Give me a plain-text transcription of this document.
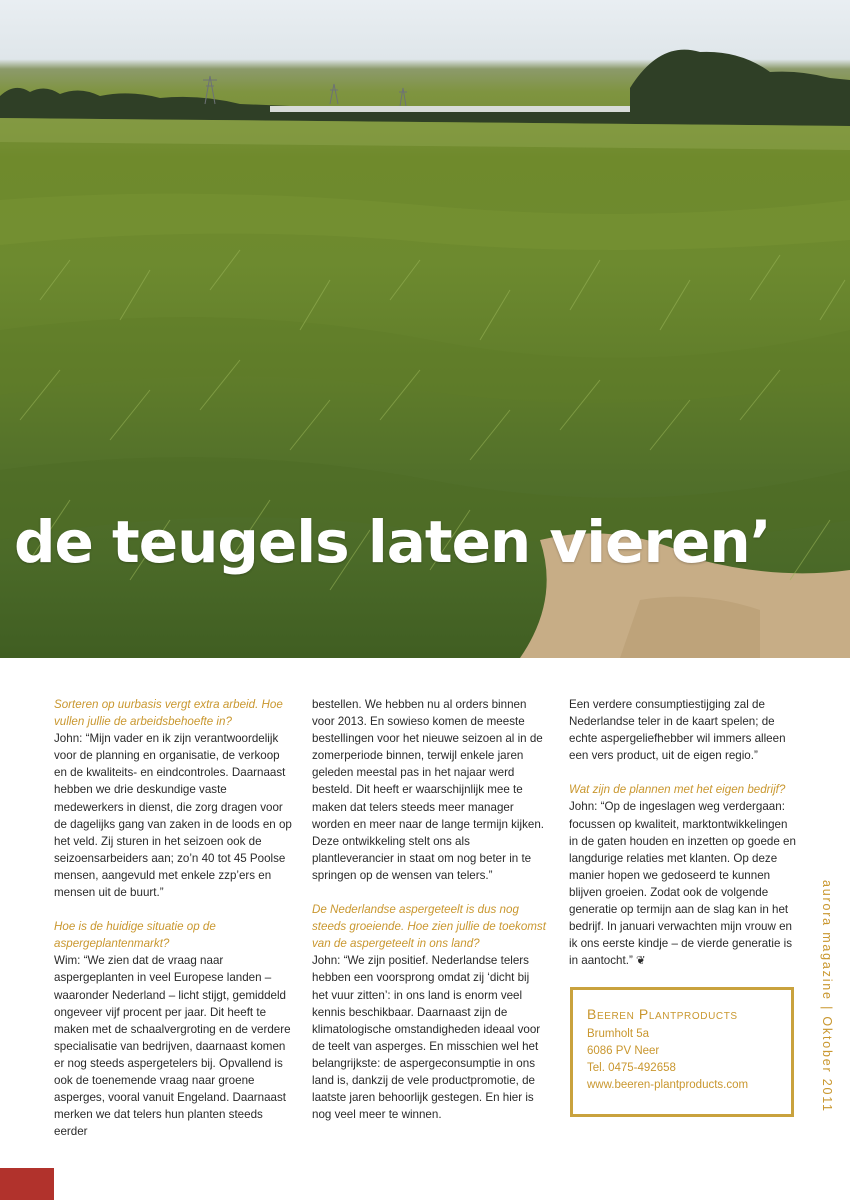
de teugels laten vieren’

Sorteren op uurbasis vergt extra arbeid. Hoe vullen jullie de arbeidsbehoefte in?

John: “Mijn vader en ik zijn verantwoordelijk voor de planning en organisatie, de verkoop en de kwaliteits- en eindcontroles. Daarnaast hebben we drie deskundige vaste medewerkers in dienst, die zorg dragen voor de dagelijks gang van zaken in de loods en op het veld. Zij sturen in het seizoen ook de seizoensarbeiders aan; zo’n 40 tot 45 Poolse mensen, aangevuld met enkele zzp’ers en mensen uit de buurt.”

Hoe is de huidige situatie op de aspergeplantenmarkt?

Wim: “We zien dat de vraag naar aspergeplanten in veel Europese landen – waaronder Nederland – licht stijgt, gemiddeld ongeveer vijf procent per jaar. Dit heeft te maken met de schaalvergroting en de verdere specialisatie van bedrijven, daarnaast komen er nog steeds aspergetelers bij. Opvallend is ook de toenemende vraag naar groene asperges, vooral vanuit Engeland. Daarnaast merken we dat telers hun planten steeds eerder

bestellen. We hebben nu al orders binnen voor 2013. En sowieso komen de meeste bestellingen voor het nieuwe seizoen al in de zomerperiode binnen, terwijl enkele jaren geleden meestal pas in het najaar werd besteld. Dit heeft er waarschijnlijk mee te maken dat telers steeds meer manager worden en meer naar de lange termijn kijken. Deze ontwikkeling stelt ons als plantleverancier in staat om nog beter in te springen op de wensen van telers.”

De Nederlandse aspergeteelt is dus nog steeds groeiende. Hoe zien jullie de toekomst van de aspergeteelt in ons land?

John: “We zijn positief. Nederlandse telers hebben een voorsprong omdat zij ‘dicht bij het vuur zitten’: in ons land is enorm veel kennis beschikbaar. Daarnaast zijn de klimatologische omstandigheden ideaal voor de teelt van asperges. En misschien wel het belangrijkste: de aspergeconsumptie in ons land is, dankzij de vele productpromotie, de laatste jaren behoorlijk gestegen. En hier is nog veel meer te winnen.

Een verdere consumptiestijging zal de Nederlandse teler in de kaart spelen; de echte aspergeliefhebber wil immers alleen een vers product, uit de eigen regio.”

Wat zijn de plannen met het eigen bedrijf?

John: “Op de ingeslagen weg verdergaan: focussen op kwaliteit, marktontwikkelingen in de gaten houden en inzetten op goede en langdurige relaties met klanten. Op deze manier hopen we gedoseerd te kunnen blijven groeien. Zodat ook de volgende generatie op termijn aan de slag kan in het bedrijf. In januari verwachten mijn vrouw en ik ons eerste kindje – de vierde generatie is in aantocht.” ❦

Beeren Plantproducts
Brumholt 5a
6086 PV Neer
Tel. 0475-492658
www.beeren-plantproducts.com	aurora magazine | Oktober 2011
